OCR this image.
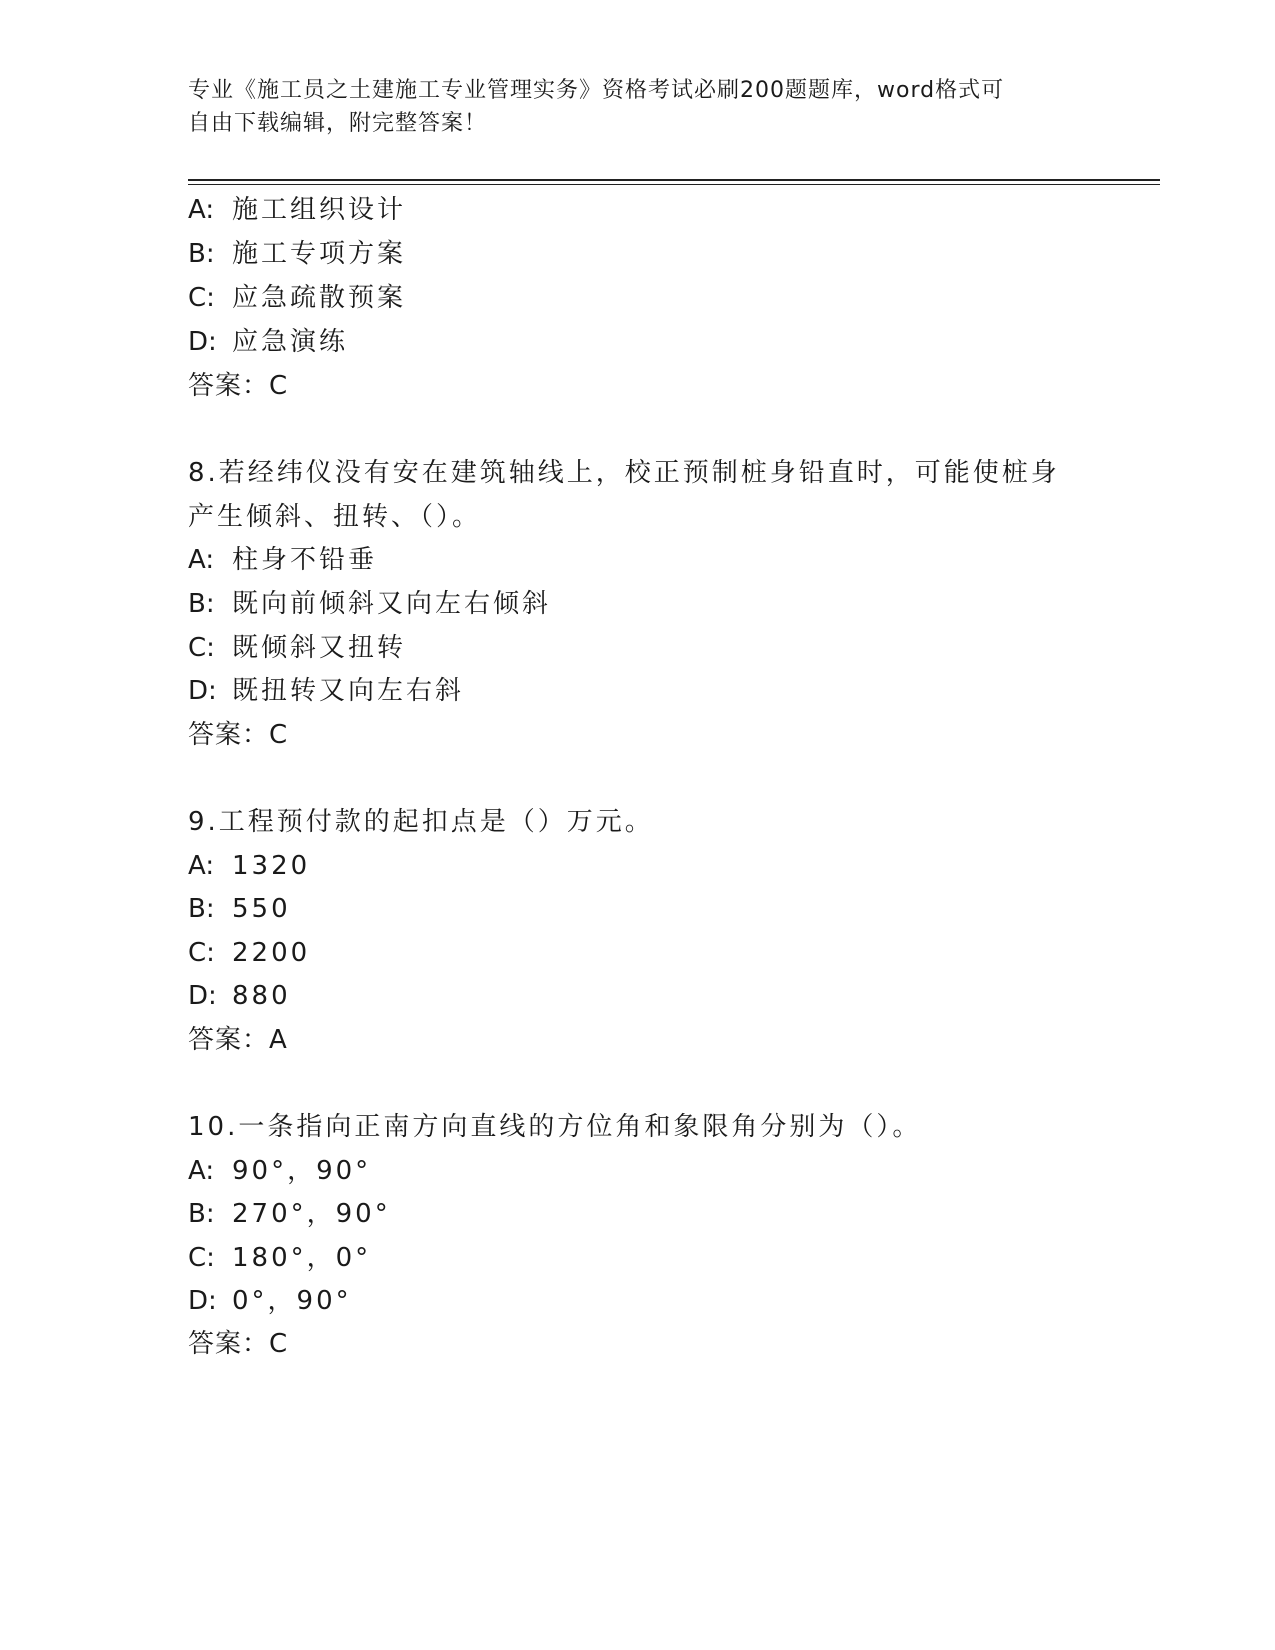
专业《施工员之土建施工专业管理实务》资格考试必刷200题题库，word格式可
自由下载编辑，附完整答案！
A: 施工组织设计
B: 施工专项方案
C: 应急疏散预案
D: 应急演练
答案：C
8.若经纬仪没有安在建筑轴线上，校正预制桩身铅直时，可能使桩身
产生倾斜、扭转、（）。
A: 柱身不铅垂
B: 既向前倾斜又向左右倾斜
C: 既倾斜又扭转
D: 既扭转又向左右斜
答案：C
9.工程预付款的起扣点是（）万元。
A: 1320
B: 550
C: 2200
D: 880
答案：A
10.一条指向正南方向直线的方位角和象限角分别为（）。
A: 90°，90°
B: 270°，90°
C: 180°，0°
D: 0°，90°
答案：C
